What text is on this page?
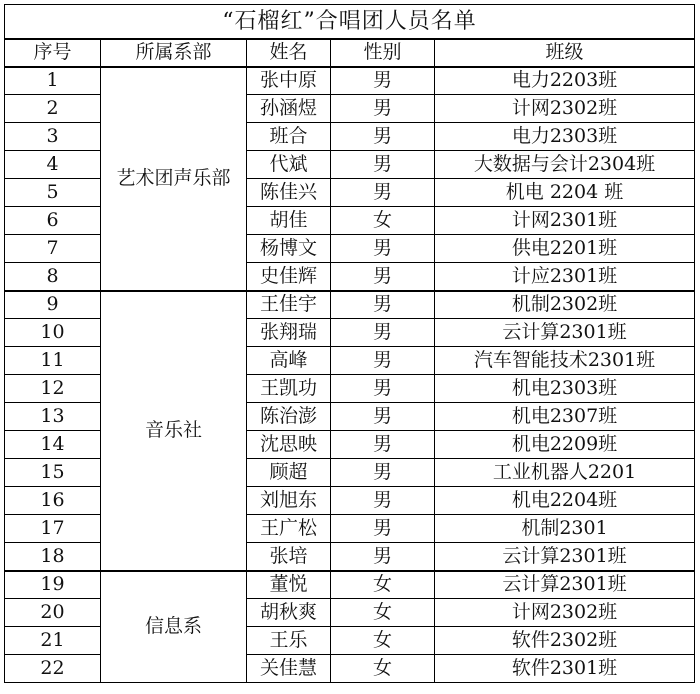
“石榴红”合唱团人员名单				
序号	所属系部	姓名	性别	班级
1	艺术团声乐部	张中原	男	电力2203班
2		孙涵煜	男	计网2302班
3		班合	男	电力2303班
4		代斌	男	大数据与会计2304班
5		陈佳兴	男	机电 2204 班
6		胡佳	女	计网2301班
7		杨博文	男	供电2201班
8		史佳辉	男	计应2301班
9	音乐社	王佳宇	男	机制2302班
10		张翔瑞	男	云计算2301班
11		高峰	男	汽车智能技术2301班
12		王凯功	男	机电2303班
13		陈治澎	男	机电2307班
14		沈思映	男	机电2209班
15		顾超	男	工业机器人2201
16		刘旭东	男	机电2204班
17		王广松	男	机制2301
18		张培	男	云计算2301班
19	信息系	董悦	女	云计算2301班
20		胡秋爽	女	计网2302班
21		王乐	女	软件2302班
22		关佳慧	女	软件2301班
